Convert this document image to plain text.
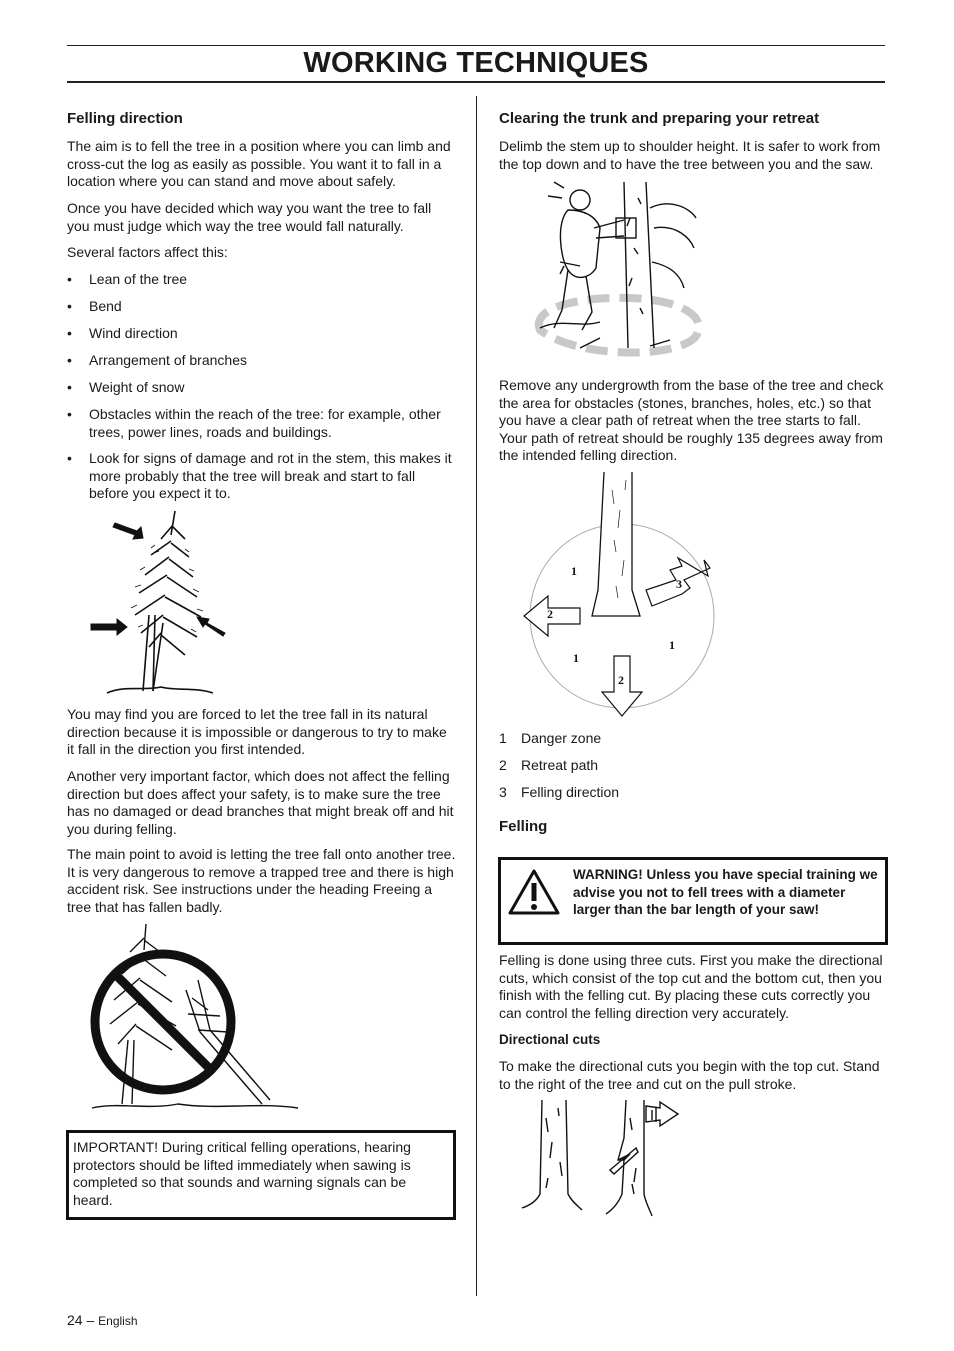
WORKING TECHNIQUES
Felling direction

The aim is to fell the tree in a position where you can limb and cross-cut the log as easily as possible. You want it to fall in a location where you can stand and move about safely.

Once you have decided which way you want the tree to fall you must judge which way the tree would fall naturally.

Several factors affect this:

• Lean of the tree
• Bend
• Wind direction
• Arrangement of branches
• Weight of snow
• Obstacles within the reach of the tree: for example, other trees, power lines, roads and buildings.
• Look for signs of damage and rot in the stem, this makes it more probably that the tree will break and start to fall before you expect it to.

You may find you are forced to let the tree fall in its natural direction because it is impossible or dangerous to try to make it fall in the direction you first intended.

Another very important factor, which does not affect the felling direction but does affect your safety, is to make sure the tree has no damaged or dead branches that might break off and hit you during felling.

The main point to avoid is letting the tree fall onto another tree. It is very dangerous to remove a trapped tree and there is high accident risk. See instructions under the heading Freeing a tree that has fallen badly.

IMPORTANT! During critical felling operations, hearing protectors should be lifted immediately when sawing is completed so that sounds and warning signals can be heard.
Clearing the trunk and preparing your retreat

Delimb the stem up to shoulder height. It is safer to work from the top down and to have the tree between you and the saw.

Remove any undergrowth from the base of the tree and check the area for obstacles (stones, branches, holes, etc.) so that you have a clear path of retreat when the tree starts to fall. Your path of retreat should be roughly 135 degrees away from the intended felling direction.

1
1
1
2
2
3
1 Danger zone
2 Retreat path
3 Felling direction
Felling
WARNING! Unless you have special training we advise you not to fell trees with a diameter larger than the bar length of your saw!

Felling is done using three cuts. First you make the directional cuts, which consist of the top cut and the bottom cut, then you finish with the felling cut. By placing these cuts correctly you can control the felling direction very accurately.

Directional cuts

To make the directional cuts you begin with the top cut. Stand to the right of the tree and cut on the pull stroke.

24 – English
